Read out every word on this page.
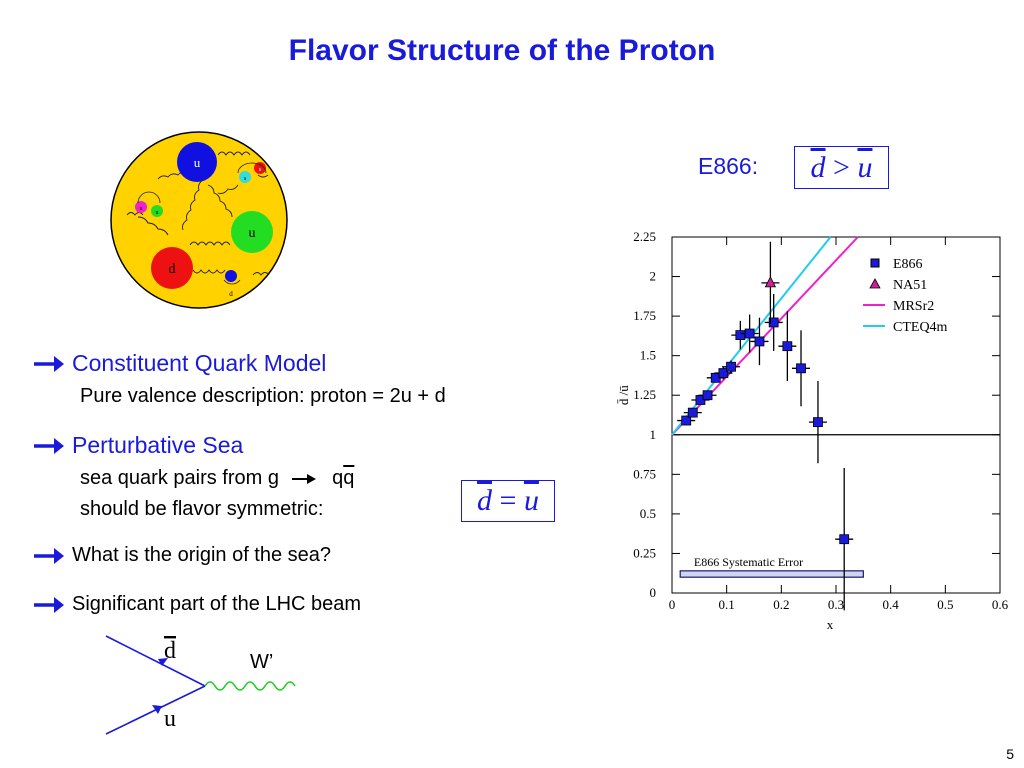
Flavor Structure of the Proton
u
u
d
s
s
u
u
d
Constituent Quark Model
Pure valence description: proton = 2u + d
Perturbative Sea
sea quark pairs from g	$q\overline{q}$
should be flavor symmetric:
What is the origin of the sea?
Significant part of the LHC beam
$\overline{d} = \overline{u}$
E866: $\overline{d} > \overline{u}$
d
u
W’
0	0.1	0.2	0.3	0.4	0.5	0.6
0
0.25
0.5
0.75
1
1.25
1.5
1.75
2
2.25
x
d̄ /ū
E866 Systematic Error
E866
NA51
MRSr2
CTEQ4m
5
